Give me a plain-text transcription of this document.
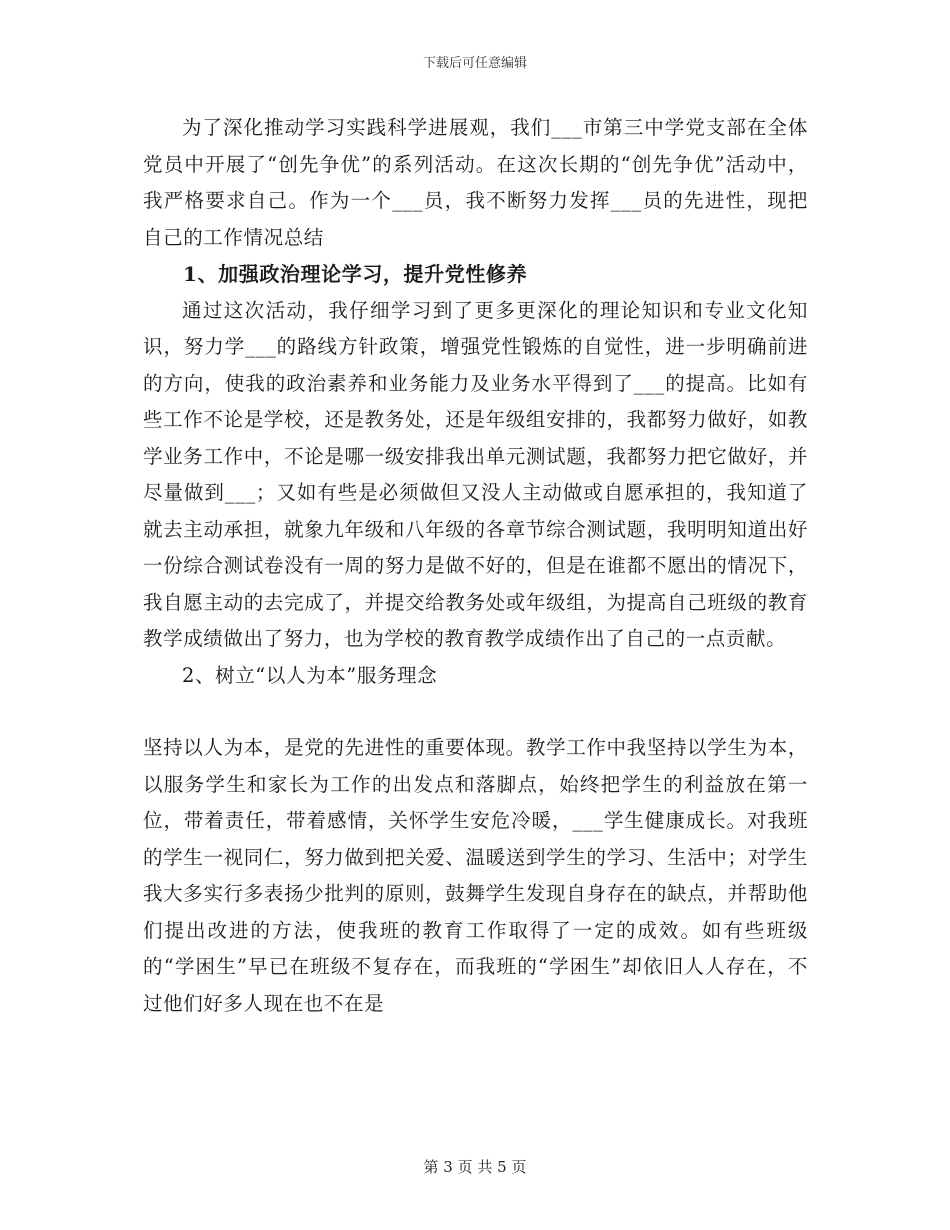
下载后可任意编辑

为了深化推动学习实践科学进展观，我们___市第三中学党支部在全体党员中开展了“创先争优”的系列活动。在这次长期的“创先争优”活动中，我严格要求自己。作为一个___员，我不断努力发挥___员的先进性，现把自己的工作情况总结

1、加强政治理论学习，提升党性修养

通过这次活动，我仔细学习到了更多更深化的理论知识和专业文化知识，努力学___的路线方针政策，增强党性锻炼的自觉性，进一步明确前进的方向，使我的政治素养和业务能力及业务水平得到了___的提高。比如有些工作不论是学校，还是教务处，还是年级组安排的，我都努力做好，如教学业务工作中，不论是哪一级安排我出单元测试题，我都努力把它做好，并尽量做到___；又如有些是必须做但又没人主动做或自愿承担的，我知道了就去主动承担，就象九年级和八年级的各章节综合测试题，我明明知道出好一份综合测试卷没有一周的努力是做不好的，但是在谁都不愿出的情况下，我自愿主动的去完成了，并提交给教务处或年级组，为提高自己班级的教育教学成绩做出了努力，也为学校的教育教学成绩作出了自己的一点贡献。

2、树立“以人为本”服务理念

坚持以人为本，是党的先进性的重要体现。教学工作中我坚持以学生为本，以服务学生和家长为工作的出发点和落脚点，始终把学生的利益放在第一位，带着责任，带着感情，关怀学生安危冷暖，___学生健康成长。对我班的学生一视同仁，努力做到把关爱、温暖送到学生的学习、生活中；对学生我大多实行多表扬少批判的原则，鼓舞学生发现自身存在的缺点，并帮助他们提出改进的方法，使我班的教育工作取得了一定的成效。如有些班级的“学困生”早已在班级不复存在，而我班的“学困生”却依旧人人存在，不过他们好多人现在也不在是

第 3 页 共 5 页
